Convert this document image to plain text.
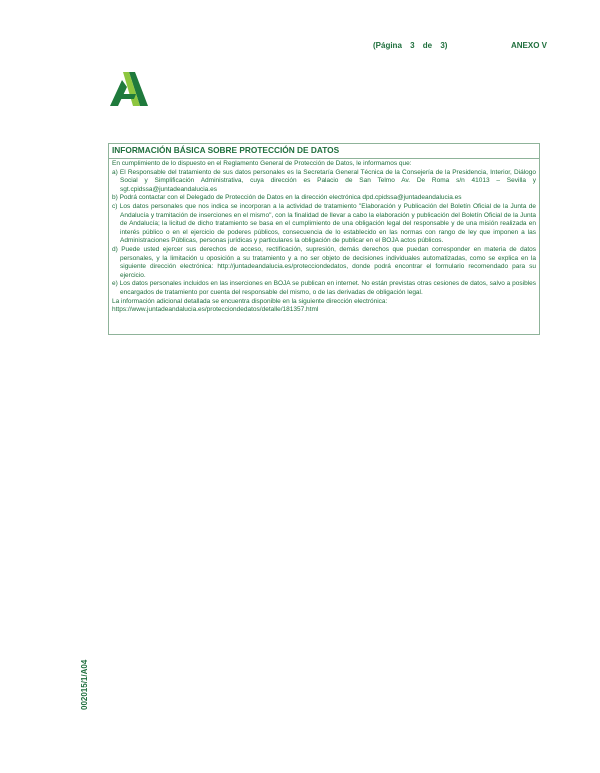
(Página 3 de 3)	ANEXO V
INFORMACIÓN BÁSICA SOBRE PROTECCIÓN DE DATOS

En cumplimiento de lo dispuesto en el Reglamento General de Protección de Datos, le informamos que:

a) El Responsable del tratamiento de sus datos personales es la Secretaría General Técnica de la Consejería de la Presidencia, Interior, Diálogo Social y Simplificación Administrativa, cuya dirección es Palacio de San Telmo Av. De Roma s/n 41013 – Sevilla y sgt.cpidssa@juntadeandalucia.es

b) Podrá contactar con el Delegado de Protección de Datos en la dirección electrónica dpd.cpidssa@juntadeandalucia.es

c) Los datos personales que nos indica se incorporan a la actividad de tratamiento "Elaboración y Publicación del Boletín Oficial de la Junta de Andalucía y tramitación de inserciones en el mismo", con la finalidad de llevar a cabo la elaboración y publicación del Boletín Oficial de la Junta de Andalucía; la licitud de dicho tratamiento se basa en el cumplimiento de una obligación legal del responsable y de una misión realizada en interés público o en el ejercicio de poderes públicos, consecuencia de lo establecido en las normas con rango de ley que imponen a las Administraciones Públicas, personas jurídicas y particulares la obligación de publicar en el BOJA actos públicos.

d) Puede usted ejercer sus derechos de acceso, rectificación, supresión, demás derechos que puedan corresponder en materia de datos personales, y la limitación u oposición a su tratamiento y a no ser objeto de decisiones individuales automatizadas, como se explica en la siguiente dirección electrónica: http://juntadeandalucia.es/protecciondedatos, donde podrá encontrar el formulario recomendado para su ejercicio.

e) Los datos personales incluidos en las inserciones en BOJA se publican en internet. No están previstas otras cesiones de datos, salvo a posibles encargados de tratamiento por cuenta del responsable del mismo, o de las derivadas de obligación legal.

La información adicional detallada se encuentra disponible en la siguiente dirección electrónica:

https://www.juntadeandalucia.es/protecciondedatos/detalle/181357.html

002015/1/A04
